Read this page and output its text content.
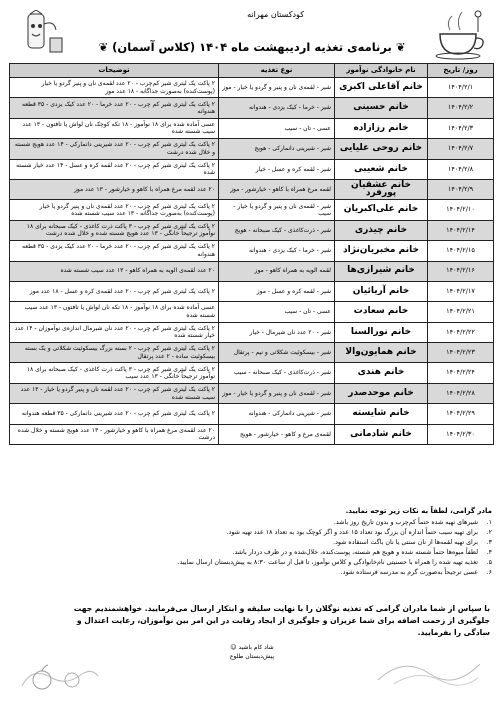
کودکستان مهرانه
❦ برنامه‌ی تغذیه اردیبهشت ماه ۱۴۰۴ (کلاس آسمان) ❦
روز/ تاریخ	نام خانوادگی نوآموز	نوع تغذیه	توضیحات
۱۴۰۴/۲/۱	خانم آقاعلی اکبری	شیر - لقمه‌ی نان و پنیر و گردو یا خیار - موز	۲ پاکت یک لیتری شیر کم‌چرب - ۲۰ عدد لقمه‌ی نان و پنیر گردو یا خیار (پوست‌کنده) به‌صورت جداگانه - ۱۸ عدد موز
۱۴۰۴/۲/۲	خانم حسینی	شیر - خرما - کیک یزدی - هندوانه	۲ پاکت یک لیتری شیر کم چرب - ۲۰ عدد خرما - ۲۰ عدد کیک یزدی - ۳۵ قطعه هندوانه
۱۴۰۴/۲/۳	خانم رزازاده	عسی - تان - سیب	عسی آماده شده برای ۱۸ نوآموز - ۱۸ تکه کوچک نان لواش یا تافتون - ۱۳ عدد سیب شسته شده
۱۴۰۴/۲/۷	خانم روحی علیایی	شیر - شیرینی دانمارکی - هویج	۲ پاکت یک لیتری شیر کم چرب - ۲۰ عدد شیرینی دانمارکی - ۱۴ عدد هویج شسته و خلال شده درشت
۱۴۰۴/۲/۸	خانم شعیبی	شیر - لقمه کره و عسل - خیار	۲ پاکت یک لیتری شیر کم چرب - ۲۰ عدد لقمه کره و عسل - ۱۴ عدد خیار شسته شده
۱۴۰۴/۲/۹	خانم عشقیان پورفرد	لقمه مرغ همراه با کاهو - خیارشور - موز	۲۰ عدد لقمه مرغ همراه با کاهو و خیارشور - ۱۳ عدد موز
۱۴۰۴/۲/۱۰	خانم علی‌اکبریان	شیر - لقمه‌ی نان و پنیر و گردو یا خیار - سیب	۲ پاکت یک لیتری شیر کم چرب - ۲۰ عدد لقمه‌ی نان و پنیر گردو یا خیار (پوست‌کنده) به‌صورت جداگانه - ۱۳ عدد سیب شسته شده
۱۴۰۴/۲/۱۴	خانم چیذری	شیر - ذرت‌کاغذی - کیک صبحانه - هویج	۲ پاکت یک لیتری شیر کم چرب - ۳ پاکت ذرت کاغذی - کیک صبحانه برای ۱۸ نوآموز ترجیحاً خانگی - ۱۳ عدد هویج شسته شده و خلال شده درشت
۱۴۰۴/۲/۱۵	خانم مخبریان‌نژاد	شیر - خرما - کیک یزدی - هندوانه	۲ پاکت یک لیتری شیر کم چرب - ۲۰ عدد خرما - ۲۰ عدد کیک یزدی - ۳۵ قطعه هندوانه
۱۴۰۴/۲/۱۶	خانم شیرازی‌ها	لقمه الویه به همراه کاهو - موز	۲۰ عدد لقمه‌ی الویه به همراه کاهو - ۱۳ عدد سیب شسته شده
۱۴۰۴/۲/۱۷	خانم آریائیان	شیر - لقمه کره و عسل - موز	۲ پاکت یک لیتری شیر کم چرب - ۲۰ عدد لقمه‌ی کره و عسل - ۱۸ عدد موز
۱۴۰۴/۲/۲۱	خانم سعادت	عسی - تان - سیب	عسی آماده شده برای ۱۸ نوآموز - ۱۸ تکه نان لواش یا تافتون - ۱۳ عدد سیب شسته شده
۱۴۰۴/۲/۲۲	خانم نورالسنا	شیر - ۲۰ عدد نان شیرمال - خیار	۲ پاکت یک لیتری شیر کم چرب - ۲۰ عدد نان شیرمال اندازه‌ی نوآموزان - ۱۴ عدد خیار شسته شده
۱۴۰۴/۲/۲۳	خانم همایون‌والا	شیر - بیسکوئیت شکلاتی و نیم - پرتقال	۲ پاکت یک لیتری شیر کم چرب - ۲ بسته بزرگ بیسکوئیت شکلاتی و یک بسته بیسکوئیت ساده - ۲ عدد پرتقال
۱۴۰۴/۲/۲۴	خانم هندی	شیر - ذرت‌کاغذی - کیک صبحانه - سیب	۲ پاکت یک لیتری شیر کم چرب - ۳ پاکت ذرت کاغذی - کیک صبحانه برای ۱۸ نوآموز ترجیحاً خانگی - ۱۳ عدد سیب
۱۴۰۴/۲/۲۸	خانم موحدصدر	شیر - لقمه‌ی نان و پنیر و گردو یا خیار - موز	۲ پاکت یک لیتری شیر کم چرب - ۲۰ عدد لقمه نان و پنیر گردو یا خیار - ۱۳ عدد سیب شسته شده
۱۴۰۴/۲/۲۹	خانم شایسته	شیر - شیرینی دانمارکی - هندوانه	۲ پاکت یک لیتری شیر کم چرب - ۲۰ عدد شیرینی دانمارکی - ۳۵ قطعه هندوانه
۱۴۰۴/۲/۳۰	خانم شادمانی	لقمه‌ی مرغ و کاهو - خیارشور - هویج	۲۰ عدد لقمه‌ی مرغ همراه با کاهو و خیارشور - ۱۳ عدد هویج شسته و خلال شده درشت
مادر گرامی، لطفاً به نکات زیر توجه نمایید.
۱.
شیرهای تهیه شده حتماً کم‌چرب و بدون تاریخ روز باشد.
۲.
برای تهیه سیب حتماً اندازه آن بزرگ بود تعداد ۱۵ عدد و اگر کوچک بود به تعداد ۱۸ عدد تهیه شود.
۳.
برای تهیه لقمه‌ها از نان سنتی یا نان باگت استفاده شود.
۴.
لطفاً میوه‌ها حتماً شسته شده و هویج هم شسته، پوست‌کنده، خلال‌شده و در ظرف دردار باشد.
۵.
تغذیه تهیه شده را همراه با حسنیتی نام‌خانوادگی و کلاس نوآموز، تا قبل از ساعت ۸:۳۰ به پیش‌دبستان ارسال نمایید.
۶.
عسی ترجیحاً به‌صورت گرم به مدرسه فرستاده شود.
با سپاس از شما مادران گرامی که تغذیه نوگلان را با نهایت سلیقه و ابتکار ارسال می‌فرمایید. خواهشمندیم جهت جلوگیری از زحمت اضافه برای شما عزیزان و جلوگیری از ایجاد رقابت در این امر بین نوآموزان، رعایت اعتدال و سادگی را بفرمایید.
شاد کام باشید ☺
پیش‌دبستان طلوع
